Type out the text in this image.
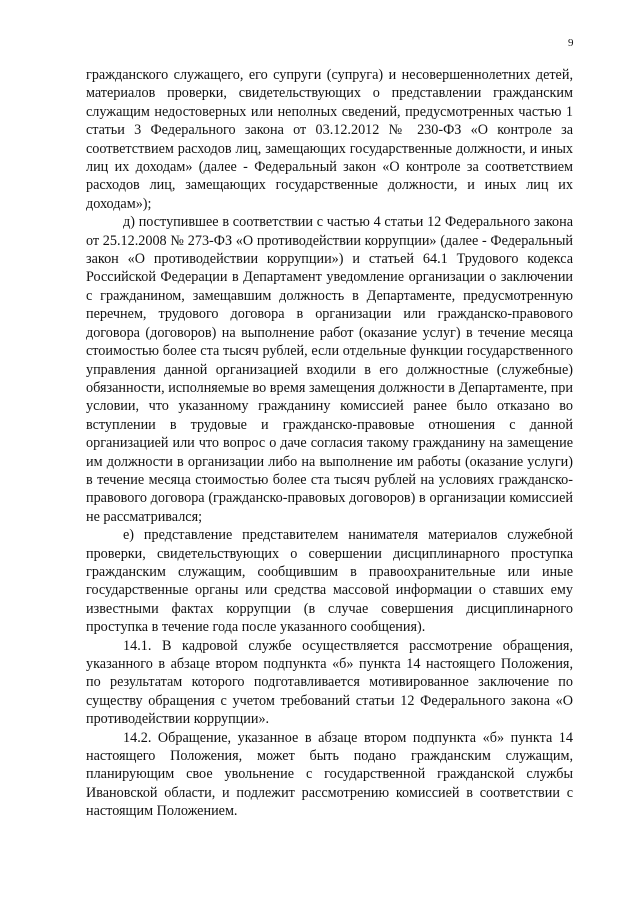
9

гражданского служащего, его супруги (супруга) и несовершеннолетних детей, материалов проверки, свидетельствующих о представлении гражданским служащим недостоверных или неполных сведений, предусмотренных частью 1 статьи 3 Федерального закона от 03.12.2012 № 230-ФЗ «О контроле за соответствием расходов лиц, замещающих государственные должности, и иных лиц их доходам» (далее - Федеральный закон «О контроле за соответствием расходов лиц, замещающих государственные должности, и иных лиц их доходам»);

д) поступившее в соответствии с частью 4 статьи 12 Федерального закона от 25.12.2008 № 273-ФЗ «О противодействии коррупции» (далее - Федеральный закон «О противодействии коррупции») и статьей 64.1 Трудового кодекса Российской Федерации в Департамент уведомление организации о заключении с гражданином, замещавшим должность в Департаменте, предусмотренную перечнем, трудового договора в организации или гражданско-правового договора (договоров) на выполнение работ (оказание услуг) в течение месяца стоимостью более ста тысяч рублей, если отдельные функции государственного управления данной организацией входили в его должностные (служебные) обязанности, исполняемые во время замещения должности в Департаменте, при условии, что указанному гражданину комиссией ранее было отказано во вступлении в трудовые и гражданско-правовые отношения с данной организацией или что вопрос о даче согласия такому гражданину на замещение им должности в организации либо на выполнение им работы (оказание услуги) в течение месяца стоимостью более ста тысяч рублей на условиях гражданско-правового договора (гражданско-правовых договоров) в организации комиссией не рассматривался;

е) представление представителем нанимателя материалов служебной проверки, свидетельствующих о совершении дисциплинарного проступка гражданским служащим, сообщившим в правоохранительные или иные государственные органы или средства массовой информации о ставших ему известными фактах коррупции (в случае совершения дисциплинарного проступка в течение года после указанного сообщения).

14.1. В кадровой службе осуществляется рассмотрение обращения, указанного в абзаце втором подпункта «б» пункта 14 настоящего Положения, по результатам которого подготавливается мотивированное заключение по существу обращения с учетом требований статьи 12 Федерального закона «О противодействии коррупции».

14.2. Обращение, указанное в абзаце втором подпункта «б» пункта 14 настоящего Положения, может быть подано гражданским служащим, планирующим свое увольнение с государственной гражданской службы Ивановской области, и подлежит рассмотрению комиссией в соответствии с настоящим Положением.
